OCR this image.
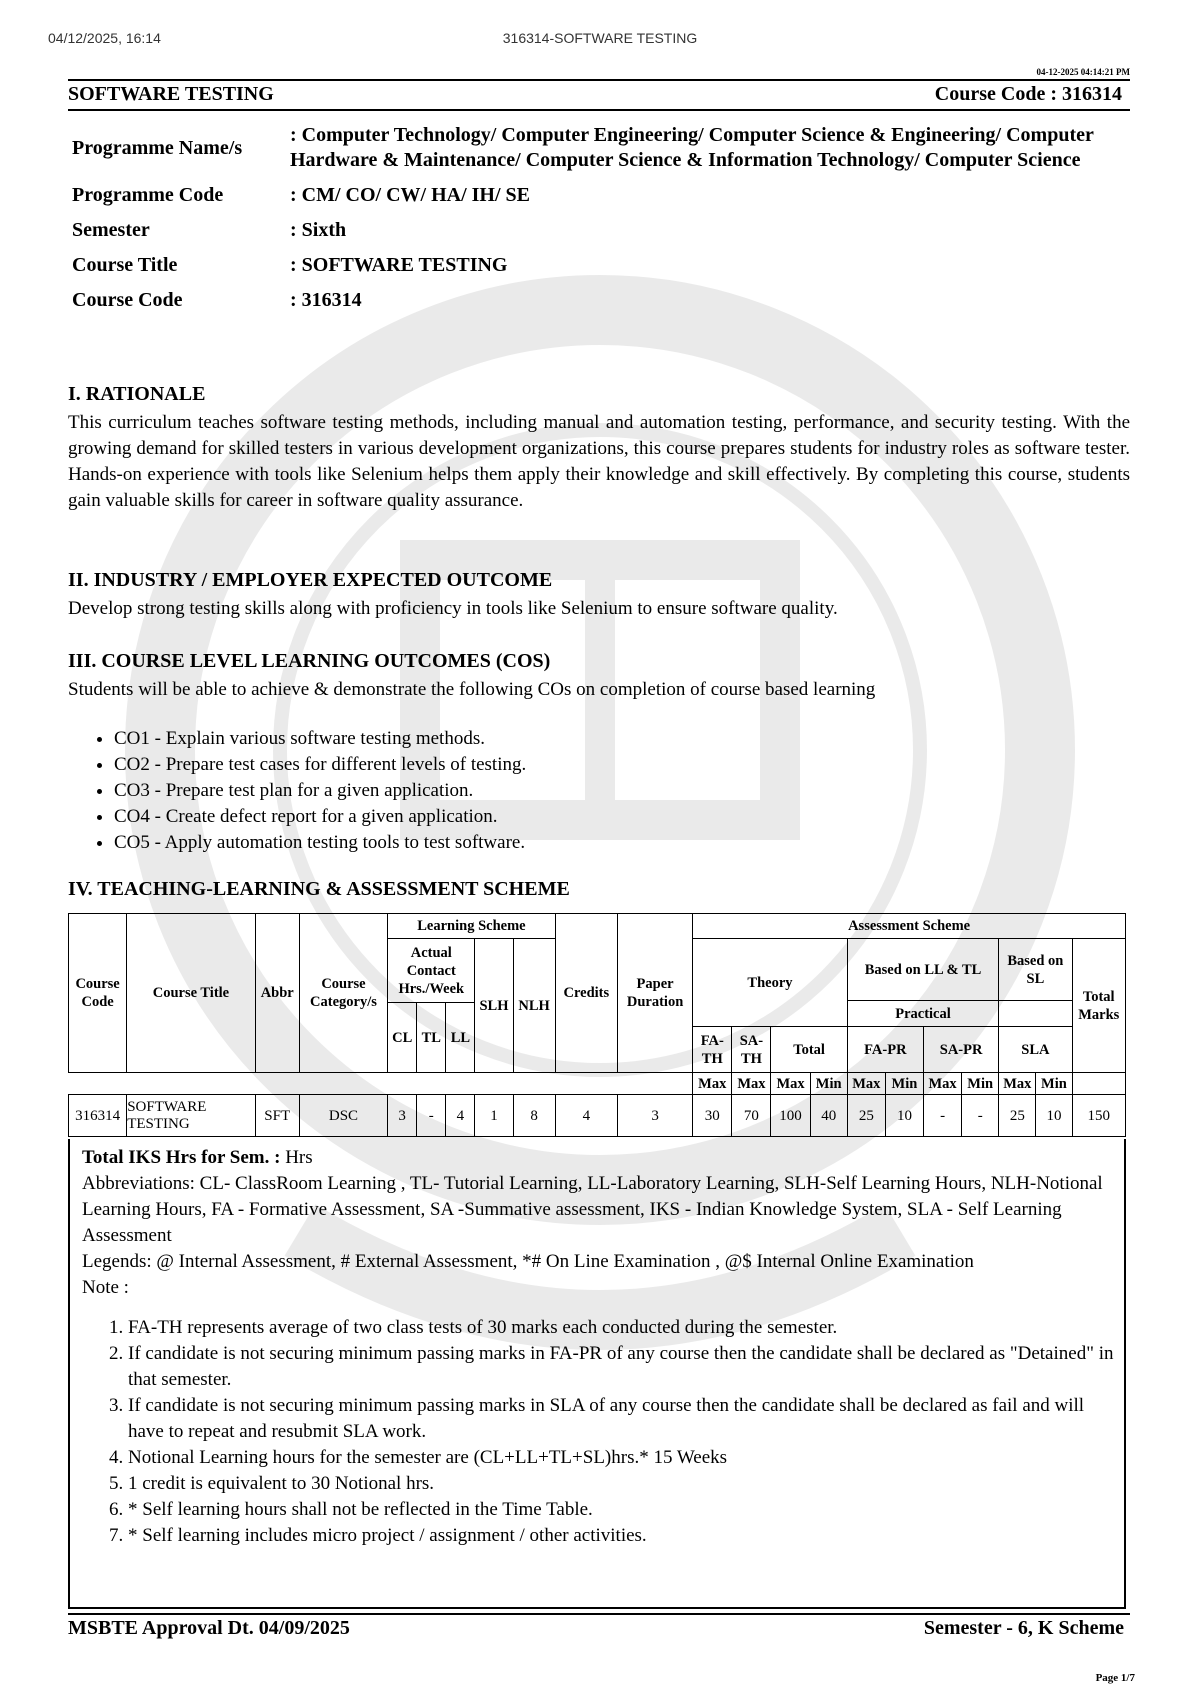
04/12/2025, 16:14	316314-SOFTWARE TESTING
04-12-2025 04:14:21 PM
SOFTWARE TESTING	Course Code : 316314
Programme Name/s
: Computer Technology/ Computer Engineering/ Computer Science & Engineering/ Computer Hardware & Maintenance/ Computer Science & Information Technology/ Computer Science
Programme Code	: CM/ CO/ CW/ HA/ IH/ SE
Semester	: Sixth
Course Title	: SOFTWARE TESTING
Course Code	: 316314
I. RATIONALE
This curriculum teaches software testing methods, including manual and automation testing, performance, and security testing. With the growing demand for skilled testers in various development organizations, this course prepares students for industry roles as software tester. Hands-on experience with tools like Selenium helps them apply their knowledge and skill effectively. By completing this course, students gain valuable skills for career in software quality assurance.
II. INDUSTRY / EMPLOYER EXPECTED OUTCOME
Develop strong testing skills along with proficiency in tools like Selenium to ensure software quality.
III. COURSE LEVEL LEARNING OUTCOMES (COS)
Students will be able to achieve & demonstrate the following COs on completion of course based learning
• CO1 - Explain various software testing methods.
• CO2 - Prepare test cases for different levels of testing.
• CO3 - Prepare test plan for a given application.
• CO4 - Create defect report for a given application.
• CO5 - Apply automation testing tools to test software.
IV. TEACHING-LEARNING & ASSESSMENT SCHEME
Course Code	Course Title	Abbr	Course Category/s	Learning Scheme					Credits	Paper Duration	Assessment Scheme										
				Actual Contact Hrs./Week			SLH	NLH			Theory				Based on LL & TL				Based on SL		Total Marks
															Practical						
				CL	TL	LL															
											FA-TH	SA-TH	Total		FA-PR		SA-PR		SLA		
											Max	Max	Max	Min	Max	Min	Max	Min	Max	Min	
316314	SOFTWARE TESTING	SFT	DSC	3	-	4	1	8	4	3	30	70	100	40	25	10	-	-	25	10	150
Total IKS Hrs for Sem. : Hrs
Abbreviations: CL- ClassRoom Learning , TL- Tutorial Learning, LL-Laboratory Learning, SLH-Self Learning Hours, NLH-Notional Learning Hours, FA - Formative Assessment, SA -Summative assessment, IKS - Indian Knowledge System, SLA - Self Learning Assessment
Legends: @ Internal Assessment, # External Assessment, *# On Line Examination , @$ Internal Online Examination
Note :
1. FA-TH represents average of two class tests of 30 marks each conducted during the semester.
2. If candidate is not securing minimum passing marks in FA-PR of any course then the candidate shall be declared as "Detained" in that semester.
3. If candidate is not securing minimum passing marks in SLA of any course then the candidate shall be declared as fail and will have to repeat and resubmit SLA work.
4. Notional Learning hours for the semester are (CL+LL+TL+SL)hrs.* 15 Weeks
5. 1 credit is equivalent to 30 Notional hrs.
6. * Self learning hours shall not be reflected in the Time Table.
7. * Self learning includes micro project / assignment / other activities.
MSBTE Approval Dt. 04/09/2025	Semester - 6, K Scheme
Page 1/7
